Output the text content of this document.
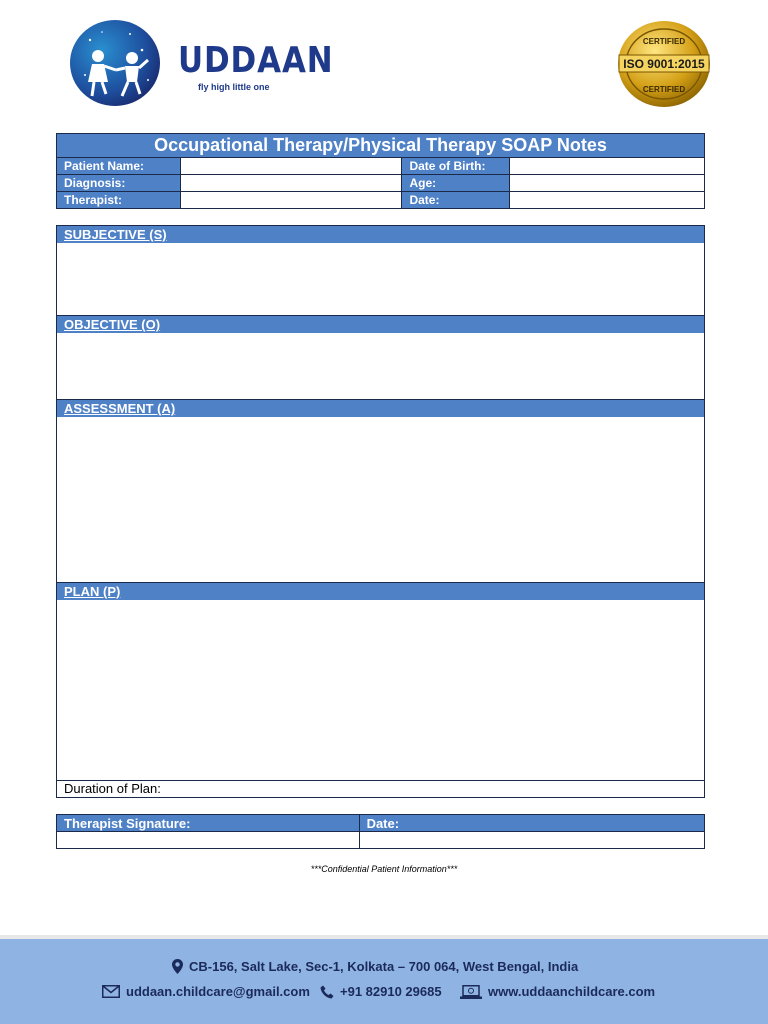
UDDAAN
fly high little one
ISO 9001:2015
CERTIFIED
CERTIFIED
Occupational Therapy/Physical Therapy SOAP Notes
Patient Name:		Date of Birth:	
Diagnosis:		Age:	
Therapist:		Date:	
SUBJECTIVE (S)
OBJECTIVE (O)
ASSESSMENT (A)
PLAN (P)
Duration of Plan:
Therapist Signature:	Date:

***Confidential Patient Information***
CB-156, Salt Lake, Sec-1, Kolkata – 700 064, West Bengal, India
uddaan.childcare@gmail.com +91 82910 29685	www.uddaanchildcare.com
